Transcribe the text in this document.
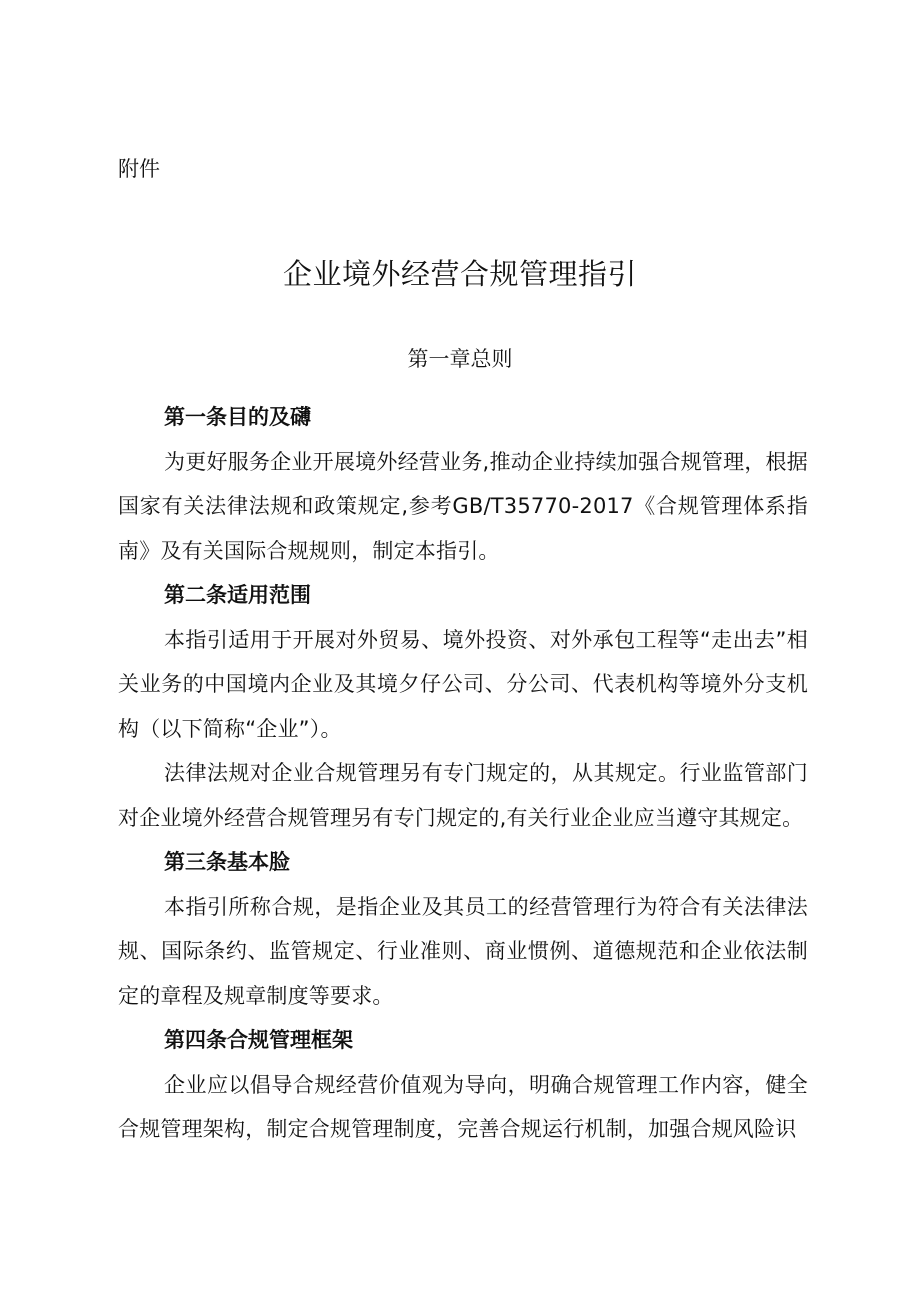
附件
企业境外经营合规管理指引
第一章总则

第一条目的及礴

为更好服务企业开展境外经营业务,推动企业持续加强合规管理，根据国家有关法律法规和政策规定,参考GB/T35770-2017《合规管理体系指南》及有关国际合规规则，制定本指引。

第二条适用范围

本指引适用于开展对外贸易、境外投资、对外承包工程等“走出去”相关业务的中国境内企业及其境夕仔公司、分公司、代表机构等境外分支机构（以下简称“企业”）。

法律法规对企业合规管理另有专门规定的，从其规定。行业监管部门对企业境外经营合规管理另有专门规定的,有关行业企业应当遵守其规定。

第三条基本脸

本指引所称合规，是指企业及其员工的经营管理行为符合有关法律法规、国际条约、监管规定、行业准则、商业惯例、道德规范和企业依法制定的章程及规章制度等要求。

第四条合规管理框架

企业应以倡导合规经营价值观为导向，明确合规管理工作内容，健全合规管理架构，制定合规管理制度，完善合规运行机制，加强合规风险识
